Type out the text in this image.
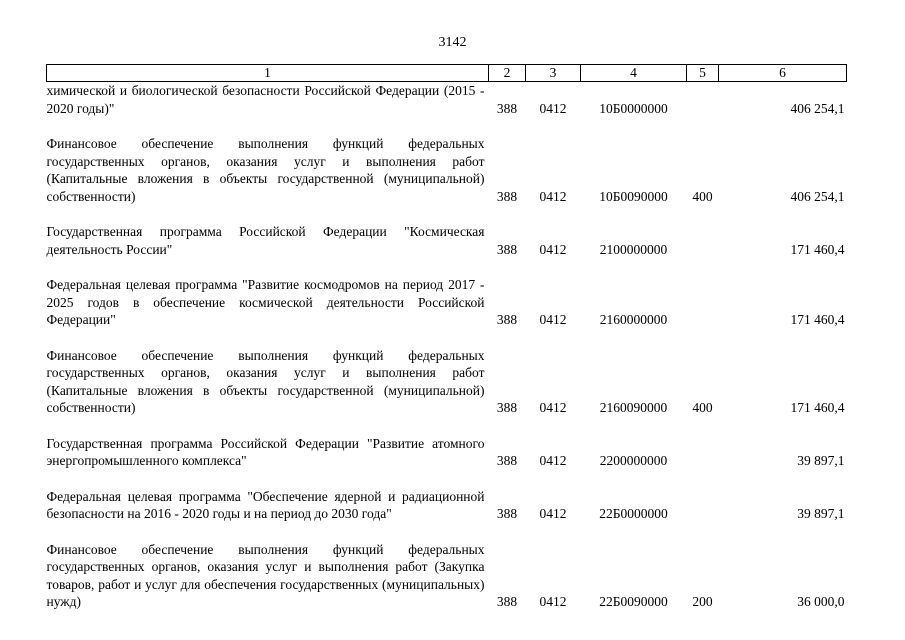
3142
1	2	3	4	5	6
химической и биологической безопасности Российской Федерации (2015 - 2020 годы)"	388	0412	10Б0000000		406 254,1

Финансовое обеспечение выполнения функций федеральных государственных органов, оказания услуг и выполнения работ (Капитальные вложения в объекты государственной (муниципальной) собственности)	388	0412	10Б0090000	400	406 254,1

Государственная программа Российской Федерации "Космическая деятельность России"	388	0412	2100000000		171 460,4

Федеральная целевая программа "Развитие космодромов на период 2017 - 2025 годов в обеспечение космической деятельности Российской Федерации"	388	0412	2160000000		171 460,4

Финансовое обеспечение выполнения функций федеральных государственных органов, оказания услуг и выполнения работ (Капитальные вложения в объекты государственной (муниципальной) собственности)	388	0412	2160090000	400	171 460,4

Государственная программа Российской Федерации "Развитие атомного энергопромышленного комплекса"	388	0412	2200000000		39 897,1

Федеральная целевая программа "Обеспечение ядерной и радиационной безопасности на 2016 - 2020 годы и на период до 2030 года"	388	0412	22Б0000000		39 897,1

Финансовое обеспечение выполнения функций федеральных государственных органов, оказания услуг и выполнения работ (Закупка товаров, работ и услуг для обеспечения государственных (муниципальных) нужд)	388	0412	22Б0090000	200	36 000,0
